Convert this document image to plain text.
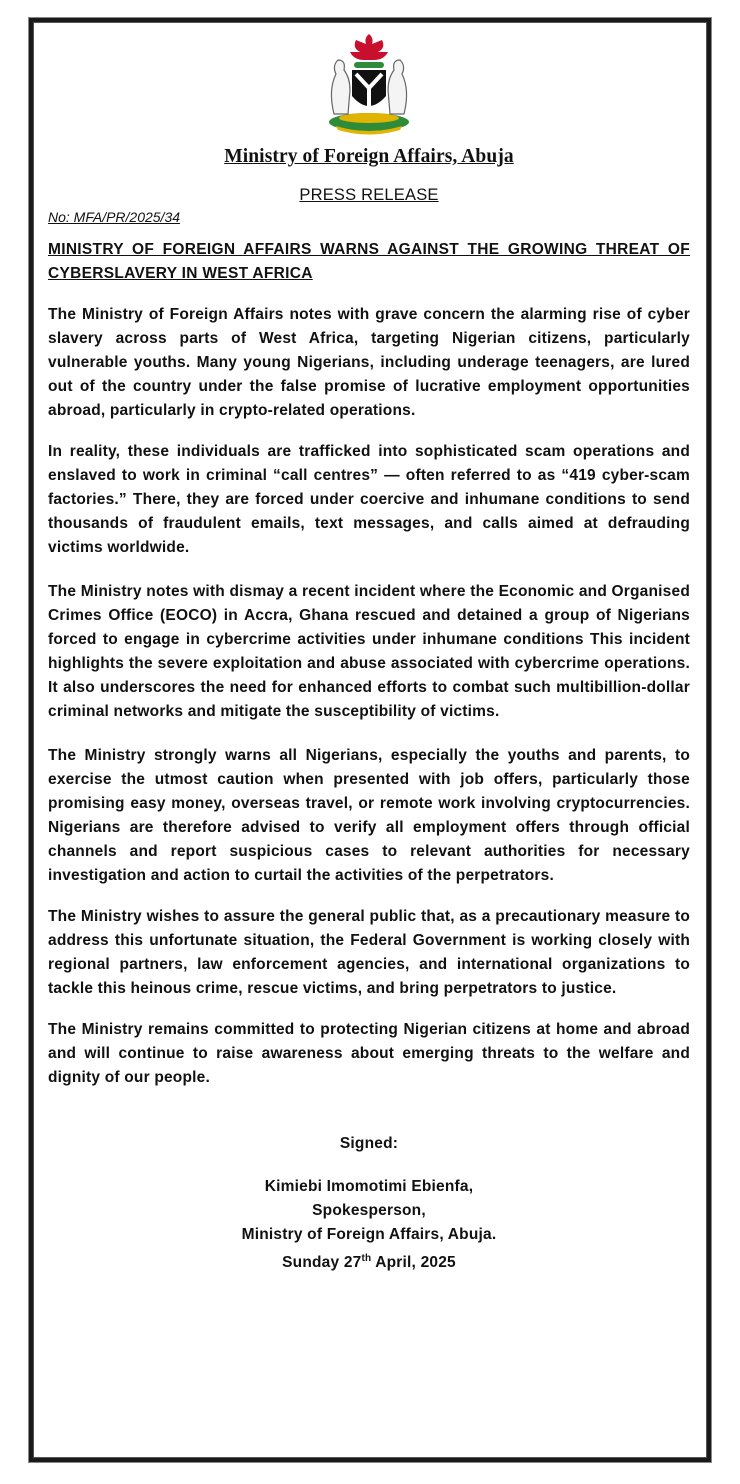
Ministry of Foreign Affairs, Abuja
PRESS RELEASE
No: MFA/PR/2025/34
MINISTRY OF FOREIGN AFFAIRS WARNS AGAINST THE GROWING THREAT OF CYBERSLAVERY IN WEST AFRICA
The Ministry of Foreign Affairs notes with grave concern the alarming rise of cyber slavery across parts of West Africa, targeting Nigerian citizens, particularly vulnerable youths. Many young Nigerians, including underage teenagers, are lured out of the country under the false promise of lucrative employment opportunities abroad, particularly in crypto-related operations.
In reality, these individuals are trafficked into sophisticated scam operations and enslaved to work in criminal “call centres” — often referred to as “419 cyber-scam factories.” There, they are forced under coercive and inhumane conditions to send thousands of fraudulent emails, text messages, and calls aimed at defrauding victims worldwide.
The Ministry notes with dismay a recent incident where the Economic and Organised Crimes Office (EOCO) in Accra, Ghana rescued and detained a group of Nigerians forced to engage in cybercrime activities under inhumane conditions This incident highlights the severe exploitation and abuse associated with cybercrime operations. It also underscores the need for enhanced efforts to combat such multibillion-dollar criminal networks and mitigate the susceptibility of victims.
The Ministry strongly warns all Nigerians, especially the youths and parents, to exercise the utmost caution when presented with job offers, particularly those promising easy money, overseas travel, or remote work involving cryptocurrencies. Nigerians are therefore advised to verify all employment offers through official channels and report suspicious cases to relevant authorities for necessary investigation and action to curtail the activities of the perpetrators.
The Ministry wishes to assure the general public that, as a precautionary measure to address this unfortunate situation, the Federal Government is working closely with regional partners, law enforcement agencies, and international organizations to tackle this heinous crime, rescue victims, and bring perpetrators to justice.
The Ministry remains committed to protecting Nigerian citizens at home and abroad and will continue to raise awareness about emerging threats to the welfare and dignity of our people.
Signed:
Kimiebi Imomotimi Ebienfa,
Spokesperson,
Ministry of Foreign Affairs, Abuja.
Sunday 27th April, 2025
